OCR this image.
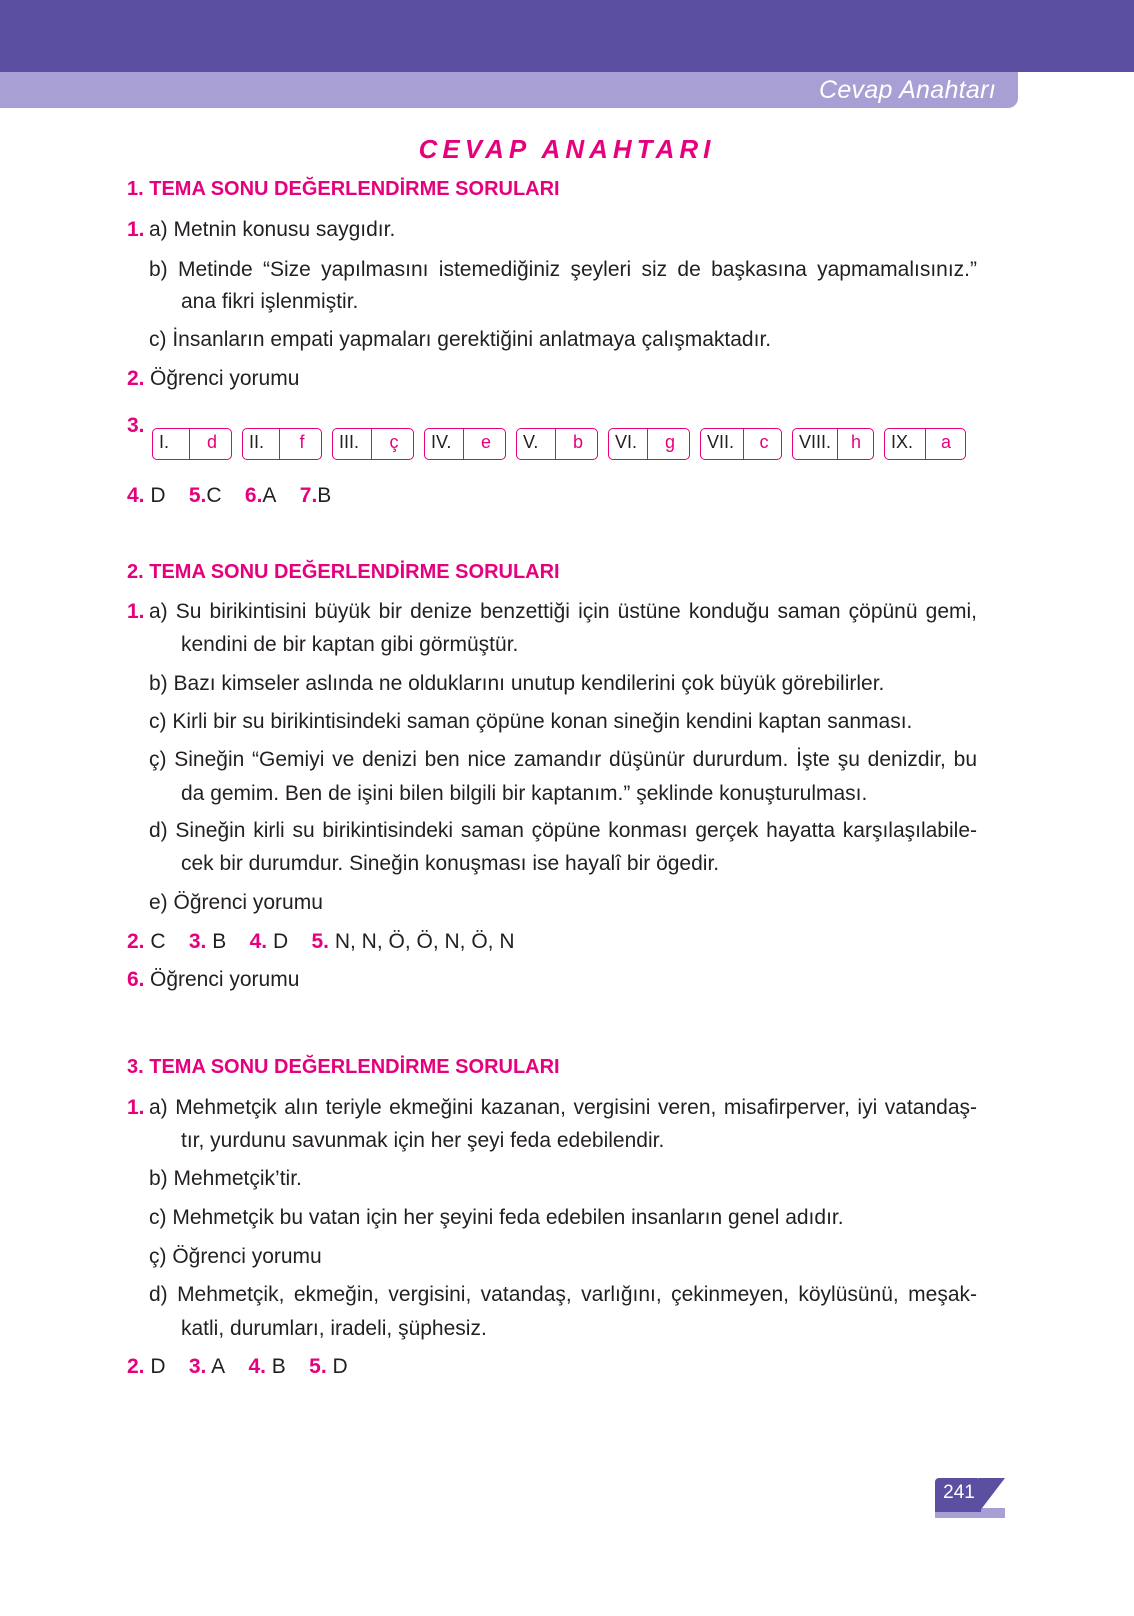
Cevap Anahtarı
CEVAP ANAHTARI
1. TEMA SONU DEĞERLENDİRME SORULARI
1. a) Metnin konusu saygıdır.
b) Metinde “Size yapılmasını istemediğiniz şeyleri siz de başkasına yapmamalısınız.”
ana fikri işlenmiştir.
c) İnsanların empati yapmaları gerektiğini anlatmaya çalışmaktadır.
2. Öğrenci yorumu
3.
I.	d	II.	f	III.	ç	IV.	e	V.	b	VI.	g	VII.	c	VIII.	h	IX.	a
4. D 5.C 6.A 7.B
2. TEMA SONU DEĞERLENDİRME SORULARI
1. a) Su birikintisini büyük bir denize benzettiği için üstüne konduğu saman çöpünü gemi,
kendini de bir kaptan gibi görmüştür.
b) Bazı kimseler aslında ne olduklarını unutup kendilerini çok büyük görebilirler.
c) Kirli bir su birikintisindeki saman çöpüne konan sineğin kendini kaptan sanması.
ç) Sineğin “Gemiyi ve denizi ben nice zamandır düşünür dururdum. İşte şu denizdir, bu
da gemim. Ben de işini bilen bilgili bir kaptanım.” şeklinde konuşturulması.
d) Sineğin kirli su birikintisindeki saman çöpüne konması gerçek hayatta karşılaşılabile-
cek bir durumdur. Sineğin konuşması ise hayalî bir ögedir.
e) Öğrenci yorumu
2. C 3. B 4. D 5. N, N, Ö, Ö, N, Ö, N
6. Öğrenci yorumu
3. TEMA SONU DEĞERLENDİRME SORULARI
1. a) Mehmetçik alın teriyle ekmeğini kazanan, vergisini veren, misafirperver, iyi vatandaş-
tır, yurdunu savunmak için her şeyi feda edebilendir.
b) Mehmetçik’tir.
c) Mehmetçik bu vatan için her şeyini feda edebilen insanların genel adıdır.
ç) Öğrenci yorumu
d) Mehmetçik, ekmeğin, vergisini, vatandaş, varlığını, çekinmeyen, köylüsünü, meşak-
katli, durumları, iradeli, şüphesiz.
2. D 3. A 4. B 5. D
241
